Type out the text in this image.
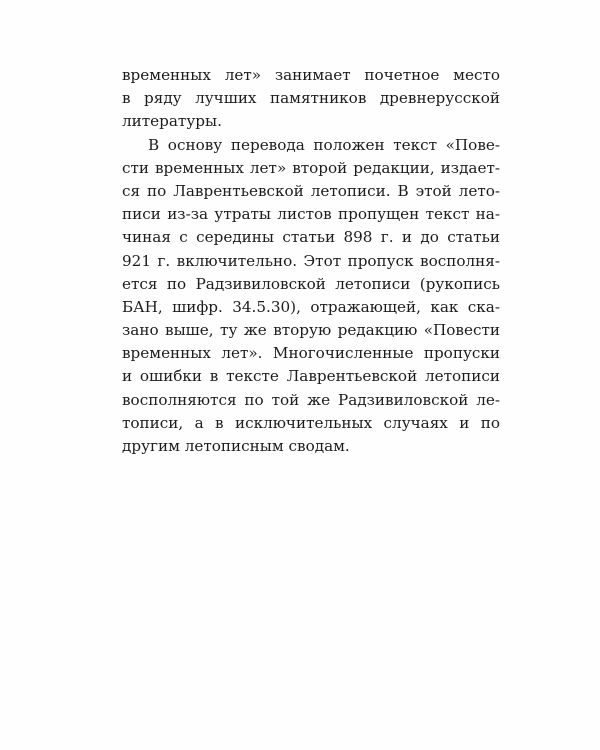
временных лет» занимает почетное место
в ряду лучших памятников древнерусской
литературы.
В основу перевода положен текст «Пове-
сти временных лет» второй редакции, издает-
ся по Лаврентьевской летописи. В этой лето-
писи из-за утраты листов пропущен текст на-
чиная с середины статьи 898 г. и до статьи
921 г. включительно. Этот пропуск восполня-
ется по Радзивиловской летописи (рукопись
БАН, шифр. 34.5.30), отражающей, как ска-
зано выше, ту же вторую редакцию «Повести
временных лет». Многочисленные пропуски
и ошибки в тексте Лаврентьевской летописи
восполняются по той же Радзивиловской ле-
тописи, а в исключительных случаях и по
другим летописным сводам.
